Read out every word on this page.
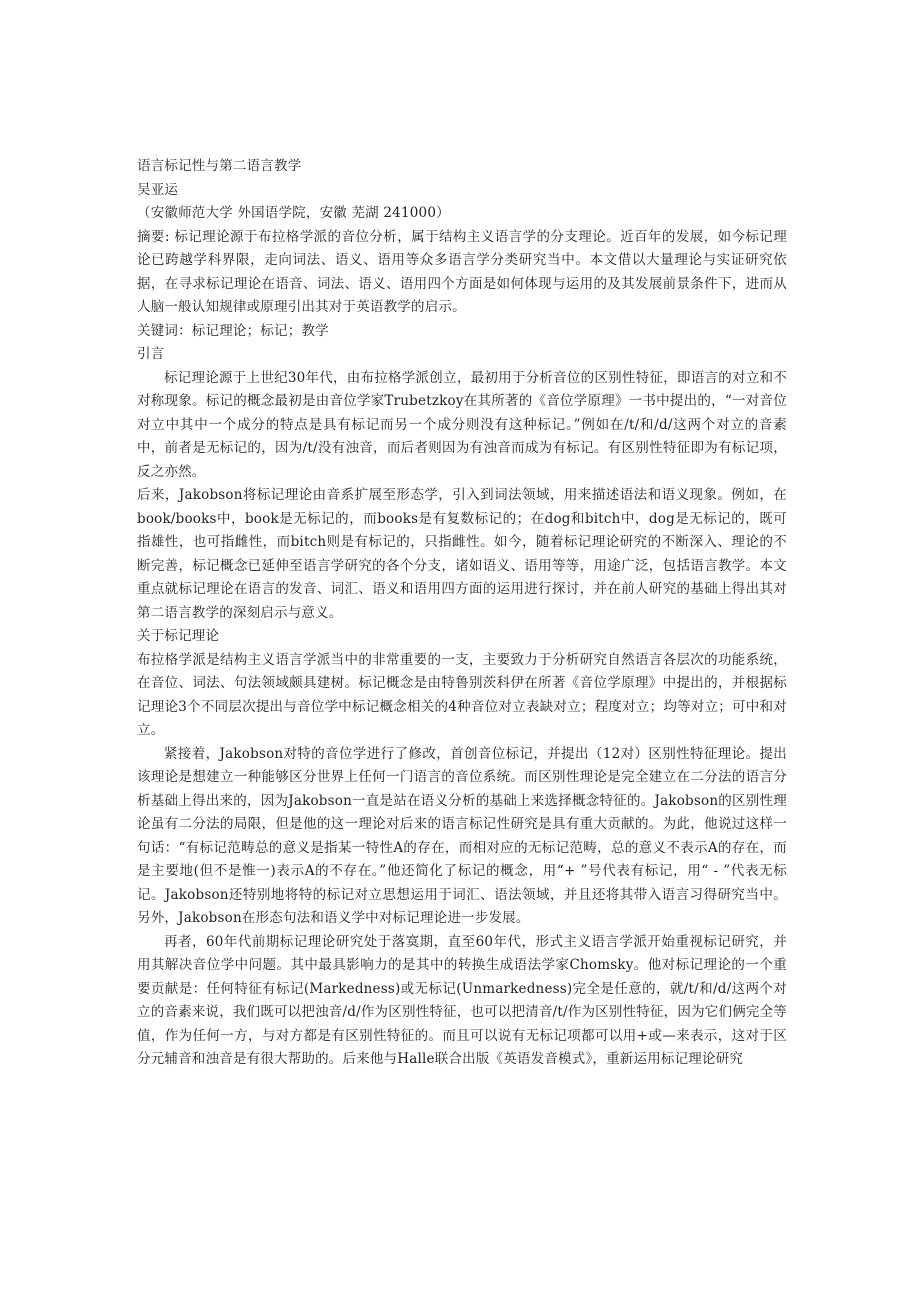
语言标记性与第二语言教学
吴亚运
（安徽师范大学 外国语学院，安徽 芜湖 241000）

摘要: 标记理论源于布拉格学派的音位分析，属于结构主义语言学的分支理论。近百年的发展，如今标记理论已跨越学科界限，走向词法、语义、语用等众多语言学分类研究当中。本文借以大量理论与实证研究依据，在寻求标记理论在语音、词法、语义、语用四个方面是如何体现与运用的及其发展前景条件下，进而从人脑一般认知规律或原理引出其对于英语教学的启示。

关键词：标记理论；标记；教学
引言

标记理论源于上世纪30年代，由布拉格学派创立，最初用于分析音位的区别性特征，即语言的对立和不对称现象。标记的概念最初是由音位学家Trubetzkoy在其所著的《音位学原理》一书中提出的，“一对音位对立中其中一个成分的特点是具有标记而另一个成分则没有这种标记。”例如在/t/和/d/这两个对立的音素中，前者是无标记的，因为/t/没有浊音，而后者则因为有浊音而成为有标记。有区别性特征即为有标记项，反之亦然。

后来，Jakobson将标记理论由音系扩展至形态学，引入到词法领域，用来描述语法和语义现象。例如，在book/books中，book是无标记的，而books是有复数标记的；在dog和bitch中，dog是无标记的，既可指雄性，也可指雌性，而bitch则是有标记的，只指雌性。如今，随着标记理论研究的不断深入、理论的不断完善，标记概念已延伸至语言学研究的各个分支，诸如语义、语用等等，用途广泛，包括语言教学。本文重点就标记理论在语言的发音、词汇、语义和语用四方面的运用进行探讨，并在前人研究的基础上得出其对第二语言教学的深刻启示与意义。

关于标记理论

布拉格学派是结构主义语言学派当中的非常重要的一支，主要致力于分析研究自然语言各层次的功能系统，在音位、词法、句法领域颇具建树。标记概念是由特鲁别茨科伊在所著《音位学原理》中提出的，并根据标记理论3个不同层次提出与音位学中标记概念相关的4种音位对立表缺对立；程度对立；均等对立；可中和对立。

紧接着，Jakobson对特的音位学进行了修改，首创音位标记，并提出（12对）区别性特征理论。提出该理论是想建立一种能够区分世界上任何一门语言的音位系统。而区别性理论是完全建立在二分法的语言分析基础上得出来的，因为Jakobson一直是站在语义分析的基础上来选择概念特征的。Jakobson的区别性理论虽有二分法的局限，但是他的这一理论对后来的语言标记性研究是具有重大贡献的。为此，他说过这样一句话：“有标记范畴总的意义是指某一特性A的存在，而相对应的无标记范畴，总的意义不表示A的存在，而是主要地(但不是惟一)表示A的不存在。”他还简化了标记的概念，用“+ ”号代表有标记，用“ - ”代表无标记。Jakobson还特别地将特的标记对立思想运用于词汇、语法领域，并且还将其带入语言习得研究当中。另外，Jakobson在形态句法和语义学中对标记理论进一步发展。

再者，60年代前期标记理论研究处于落寞期，直至60年代，形式主义语言学派开始重视标记研究，并用其解决音位学中问题。其中最具影响力的是其中的转换生成语法学家Chomsky。他对标记理论的一个重要贡献是：任何特征有标记(Markedness)或无标记(Unmarkedness)完全是任意的，就/t/和/d/这两个对立的音素来说，我们既可以把浊音/d/作为区别性特征，也可以把清音/t/作为区别性特征，因为它们俩完全等值，作为任何一方，与对方都是有区别性特征的。而且可以说有无标记项都可以用+或—来表示，这对于区分元辅音和浊音是有很大帮助的。后来他与Halle联合出版《英语发音模式》，重新运用标记理论研究
